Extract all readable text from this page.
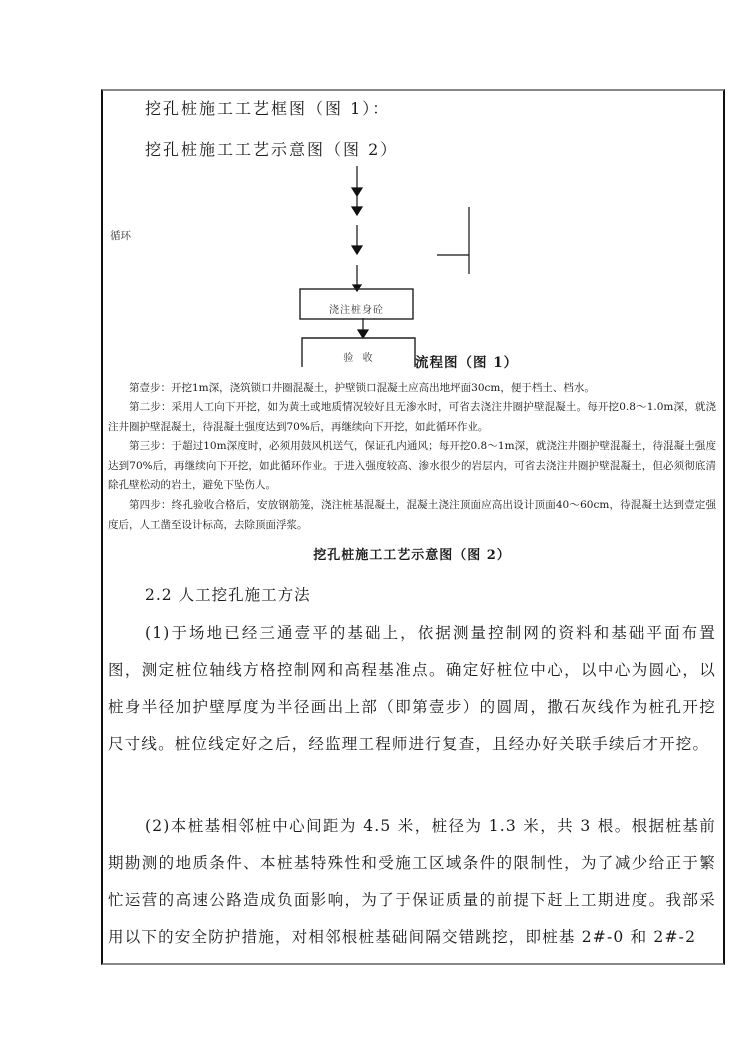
挖孔桩施工工艺框图（图 1）：
挖孔桩施工工艺示意图（图 2）
循环
浇注桩身砼
验  收	流程图（图 1）
第壹步：开挖1m深，浇筑锁口井圈混凝土，护壁锁口混凝土应高出地坪面30cm，便于档土、档水。
第二步：采用人工向下开挖，如为黄土或地质情况较好且无渗水时，可省去浇注井圈护壁混凝土。每开挖0.8～1.0m深，就浇注井圈护壁混凝土，待混凝土强度达到70%后，再继续向下开挖，如此循环作业。
第三步：于超过10m深度时，必须用鼓风机送气，保证孔内通风；每开挖0.8～1m深，就浇注井圈护壁混凝土，待混凝土强度达到70%后，再继续向下开挖，如此循环作业。于进入强度较高、渗水很少的岩层内，可省去浇注井圈护壁混凝土，但必须彻底清除孔壁松动的岩土，避免下坠伤人。
第四步：终孔验收合格后，安放钢筋笼，浇注桩基混凝土，混凝土浇注顶面应高出设计顶面40～60cm，待混凝土达到壹定强度后，人工凿至设计标高，去除顶面浮浆。
挖孔桩施工工艺示意图（图 2）
2.2 人工挖孔施工方法
(1)于场地已经三通壹平的基础上，依据测量控制网的资料和基础平面布置图，测定桩位轴线方格控制网和高程基准点。确定好桩位中心，以中心为圆心，以桩身半径加护壁厚度为半径画出上部（即第壹步）的圆周，撒石灰线作为桩孔开挖尺寸线。桩位线定好之后，经监理工程师进行复查，且经办好关联手续后才开挖。
(2)本桩基相邻桩中心间距为 4.5 米，桩径为 1.3 米，共 3 根。根据桩基前期勘测的地质条件、本桩基特殊性和受施工区域条件的限制性，为了减少给正于繁忙运营的高速公路造成负面影响，为了于保证质量的前提下赶上工期进度。我部采用以下的安全防护措施，对相邻根桩基础间隔交错跳挖，即桩基 2#-0 和 2#-2
